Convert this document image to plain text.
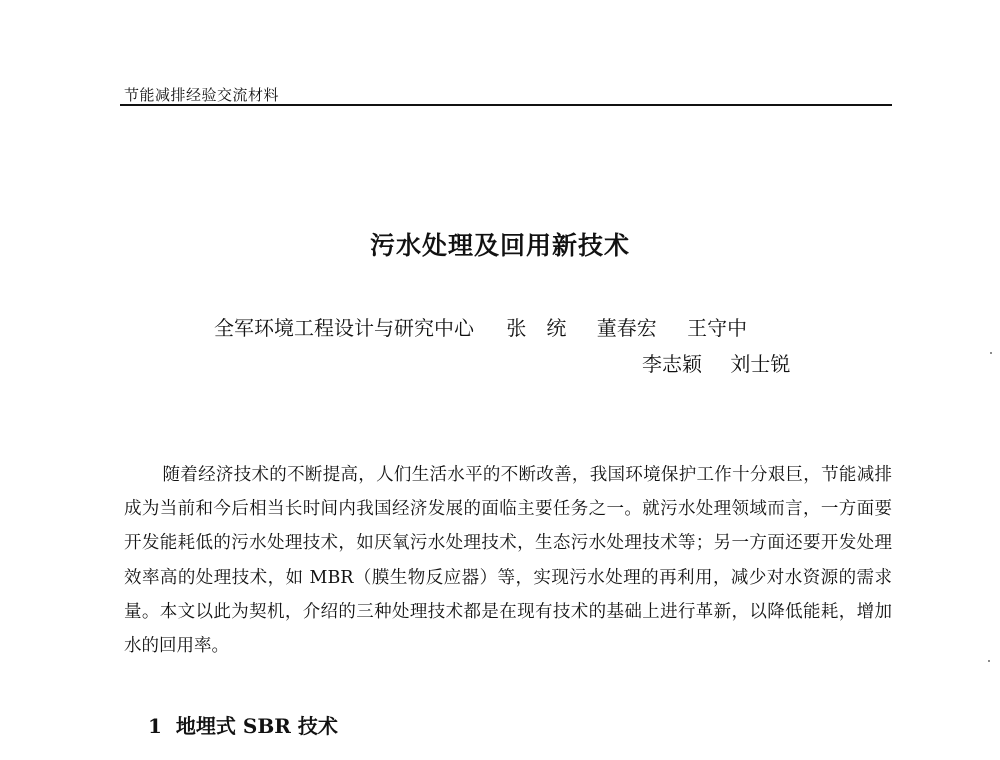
节能减排经验交流材料
污水处理及回用新技术
全军环境工程设计与研究中心 张　统 董春宏 王守中
李志颖 刘士锐

随着经济技术的不断提高，人们生活水平的不断改善，我国环境保护工作十分艰巨，节能减排成为当前和今后相当长时间内我国经济发展的面临主要任务之一。就污水处理领域而言，一方面要开发能耗低的污水处理技术，如厌氧污水处理技术，生态污水处理技术等；另一方面还要开发处理效率高的处理技术，如 MBR（膜生物反应器）等，实现污水处理的再利用，减少对水资源的需求量。本文以此为契机，介绍的三种处理技术都是在现有技术的基础上进行革新，以降低能耗，增加水的回用率。

1 地埋式 SBR 技术
